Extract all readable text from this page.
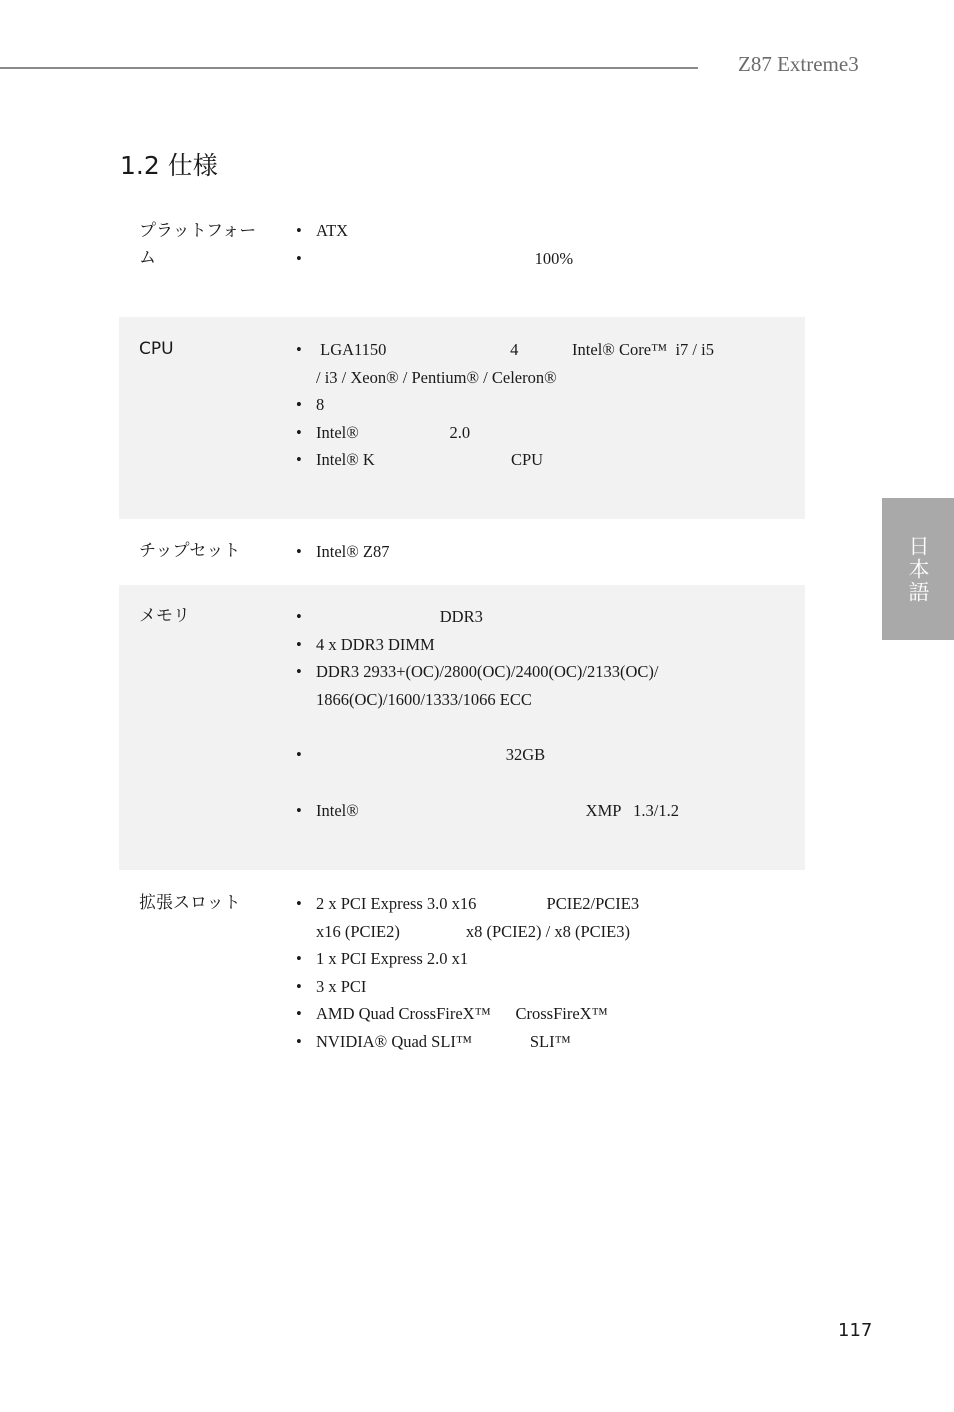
Z87 Extreme3
1.2 仕様
日本語
プラットフォーム
• ATX
•                                                      100%
CPU	•  LGA1150                              4             Intel® Core™  i7 / i5
/ i3 / Xeon® / Pentium® / Celeron®
• 8
• Intel®                      2.0
• Intel® K                                 CPU
チップセット	• Intel® Z87
メモリ	•                               DDR3
• 4 x DDR3 DIMM
• DDR3 2933+(OC)/2800(OC)/2400(OC)/2133(OC)/
1866(OC)/1600/1333/1066 ECC
•                                               32GB
• Intel®                                                       XMP   1.3/1.2
拡張スロット	• 2 x PCI Express 3.0 x16                 PCIE2/PCIE3
x16 (PCIE2)                x8 (PCIE2) / x8 (PCIE3)
• 1 x PCI Express 2.0 x1
• 3 x PCI
• AMD Quad CrossFireX™      CrossFireX™
• NVIDIA® Quad SLI™              SLI™
117
